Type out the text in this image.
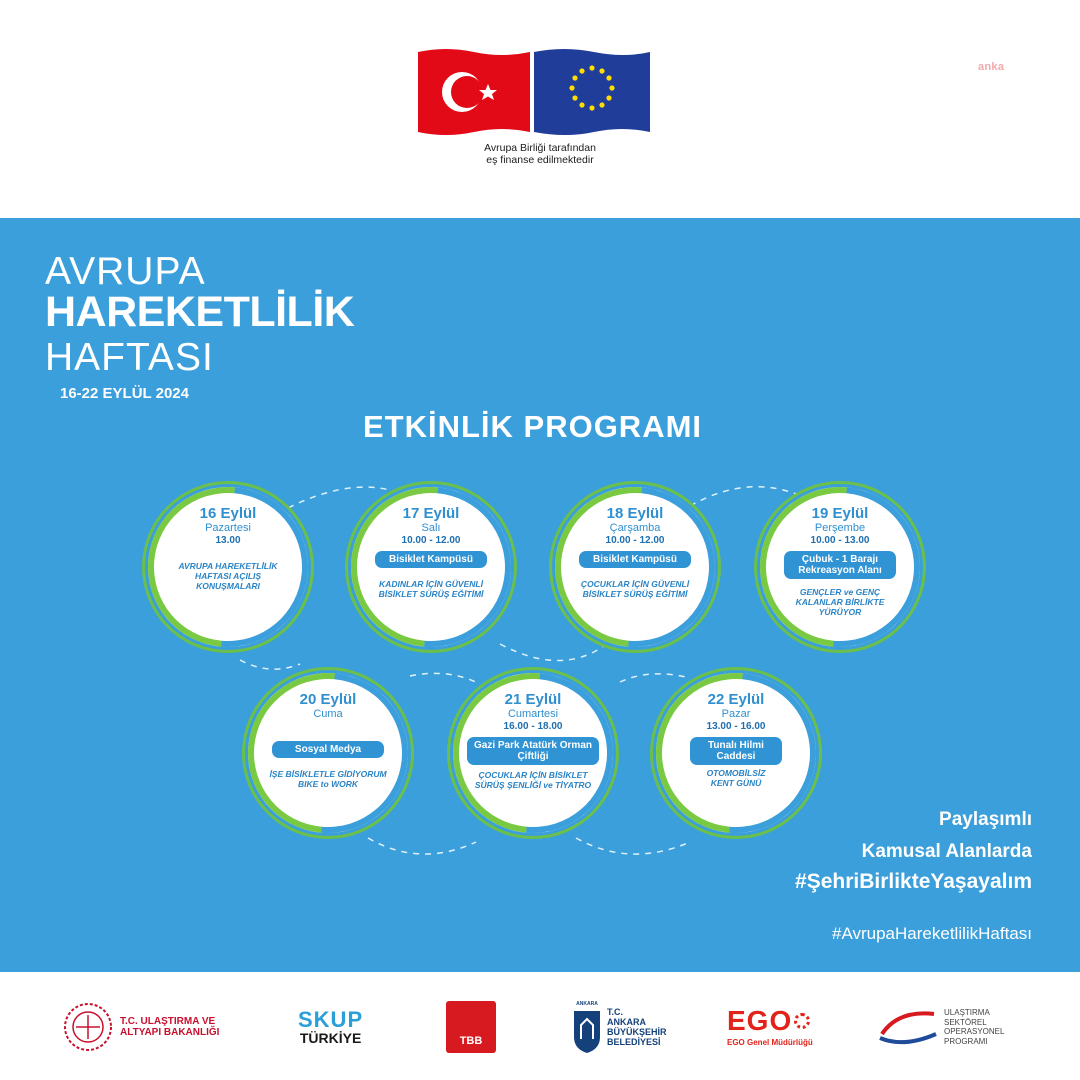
Avrupa Birliği tarafından
eş finanse edilmektedir
anka
AVRUPA
HAREKETLİLİK
HAFTASI
16-22 EYLÜL 2024
ETKİNLİK PROGRAMI
16 Eylül
Pazartesi
13.00
AVRUPA HAREKETLİLİK HAFTASI AÇILIŞ KONUŞMALARI
17 Eylül
Salı
10.00 - 12.00
Bisiklet Kampüsü
KADINLAR İÇİN GÜVENLİ BİSİKLET SÜRÜŞ EĞİTİMİ
18 Eylül
Çarşamba
10.00 - 12.00
Bisiklet Kampüsü
ÇOCUKLAR İÇİN GÜVENLİ BİSİKLET SÜRÜŞ EĞİTİMİ
19 Eylül
Perşembe
10.00 - 13.00
Çubuk - 1 Barajı Rekreasyon Alanı
GENÇLER ve GENÇ KALANLAR BİRLİKTE YÜRÜYOR
20 Eylül
Cuma
Sosyal Medya
İŞE BİSİKLETLE GİDİYORUM BIKE to WORK
21 Eylül
Cumartesi
16.00 - 18.00
Gazi Park Atatürk Orman Çiftliği
ÇOCUKLAR İÇİN BİSİKLET SÜRÜŞ ŞENLİĞİ ve TİYATRO
22 Eylül
Pazar
13.00 - 16.00
Tunalı Hilmi Caddesi
OTOMOBİLSİZ KENT GÜNÜ
Paylaşımlı
Kamusal Alanlarda
#ŞehriBirlikteYaşayalım
#AvrupaHareketlilikHaftası
T.C. ULAŞTIRMA VE
ALTYAPI BAKANLIĞI
SKUP
TÜRKİYE	TBB
ANKARA
T.C.
ANKARA
BÜYÜKŞEHİR
BELEDİYESİ
EGO
EGO Genel Müdürlüğü
ULAŞTIRMA
SEKTÖREL
OPERASYONEL
PROGRAMI
